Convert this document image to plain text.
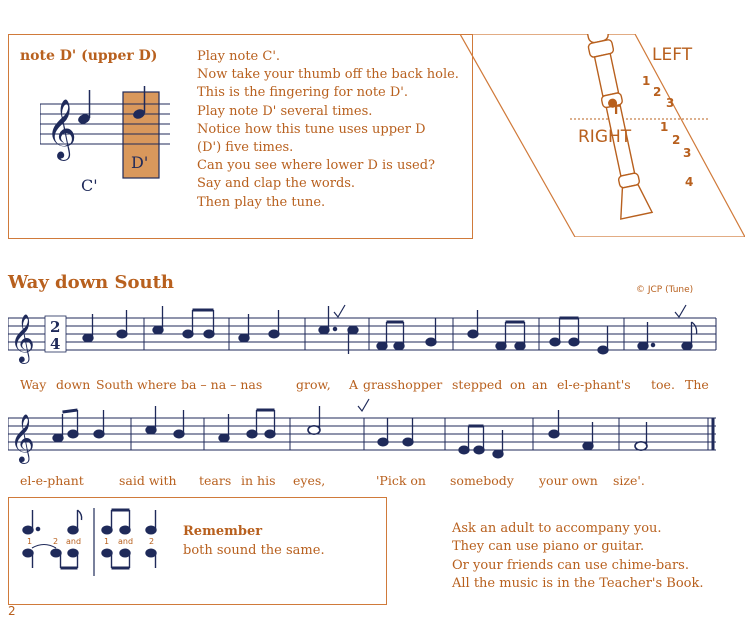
note D' (upper D)
𝄞
C'
D'
Play note C'.
Now take your thumb off the back hole.
This is the fingering for note D'.
Play note D' several times.
Notice how this tune uses upper D
(D') five times.
Can you see where lower D is used?
Say and clap the words.
Then play the tune.
LEFT
RIGHT
T
1
2
3
1
2
3
4
Way down South	© JCP (Tune)
𝄞 2
4
Way down South where ba – na – nas	grow, A grasshopper stepped on an el-e-phant's toe. The
𝄞
el-e-phant	said with tears in his eyes,	'Pick on somebody your own size'.
1	2 and	1 and 2
Remember
both sound the same.
Ask an adult to accompany you.
They can use piano or guitar.
Or your friends can use chime-bars.
All the music is in the Teacher's Book.
2
